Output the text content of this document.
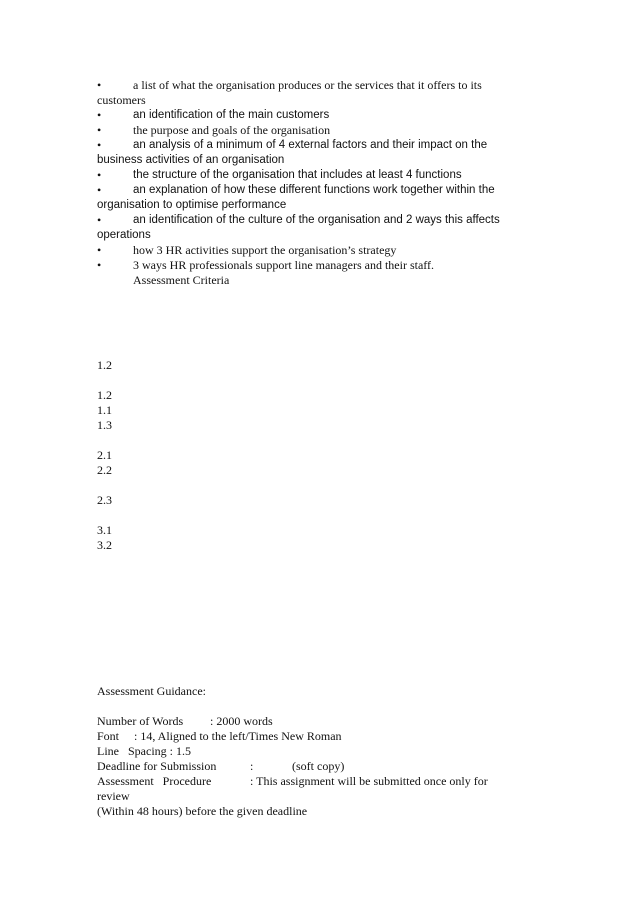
•	a list of what the organisation produces or the services that it offers to its
customers
•	an identification of the main customers
•	the purpose and goals of the organisation
•	an analysis of a minimum of 4 external factors and their impact on the
business activities of an organisation
•	the structure of the organisation that includes at least 4 functions
•	an explanation of how these different functions work together within the
organisation to optimise performance
•	an identification of the culture of the organisation and 2 ways this affects
operations
•	how 3 HR activities support the organisation’s strategy
•	3 ways HR professionals support line managers and their staff.
Assessment Criteria
1.2
1.2
1.1
1.3
2.1
2.2
2.3
3.1
3.2
Assessment Guidance:
Number of Words : 2000 words
Font : 14, Aligned to the left/Times New Roman
Line   Spacing : 1.5
Deadline for Submission	:	(soft copy)
Assessment   Procedure	: This assignment will be submitted once only for
review
(Within 48 hours) before the given deadline
